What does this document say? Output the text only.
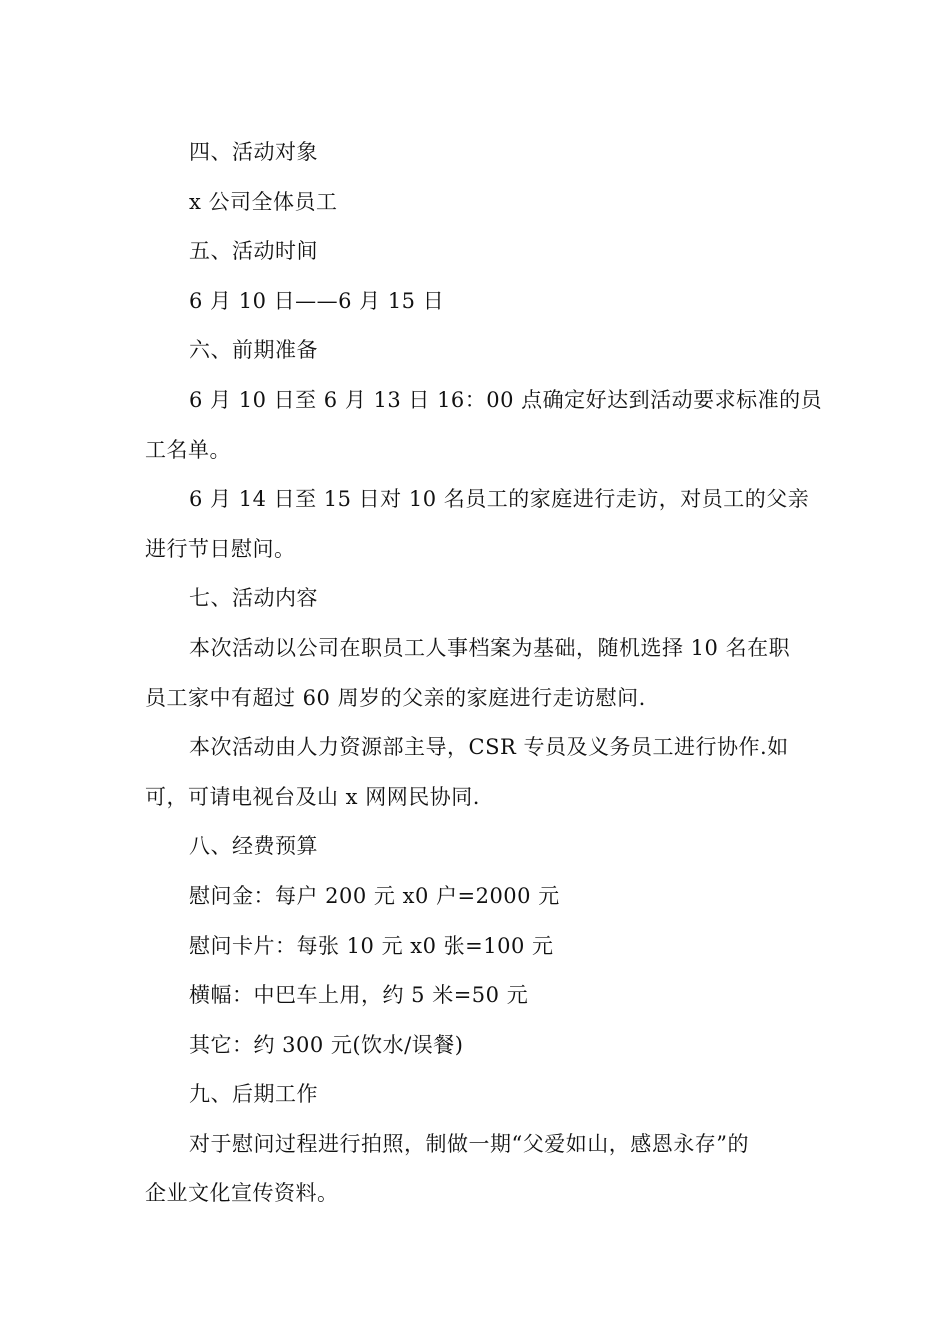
四、活动对象
x 公司全体员工
五、活动时间
6 月 10 日——6 月 15 日
六、前期准备
6 月 10 日至 6 月 13 日 16：00 点确定好达到活动要求标准的员
工名单。
6 月 14 日至 15 日对 10 名员工的家庭进行走访，对员工的父亲
进行节日慰问。
七、活动内容
本次活动以公司在职员工人事档案为基础，随机选择 10 名在职
员工家中有超过 60 周岁的父亲的家庭进行走访慰问.
本次活动由人力资源部主导，CSR 专员及义务员工进行协作.如
可，可请电视台及山 x 网网民协同.
八、经费预算
慰问金：每户 200 元 x0 户=2000 元
慰问卡片：每张 10 元 x0 张=100 元
横幅：中巴车上用，约 5 米=50 元
其它：约 300 元(饮水/误餐)
九、后期工作
对于慰问过程进行拍照，制做一期“父爱如山，感恩永存”的
企业文化宣传资料。
